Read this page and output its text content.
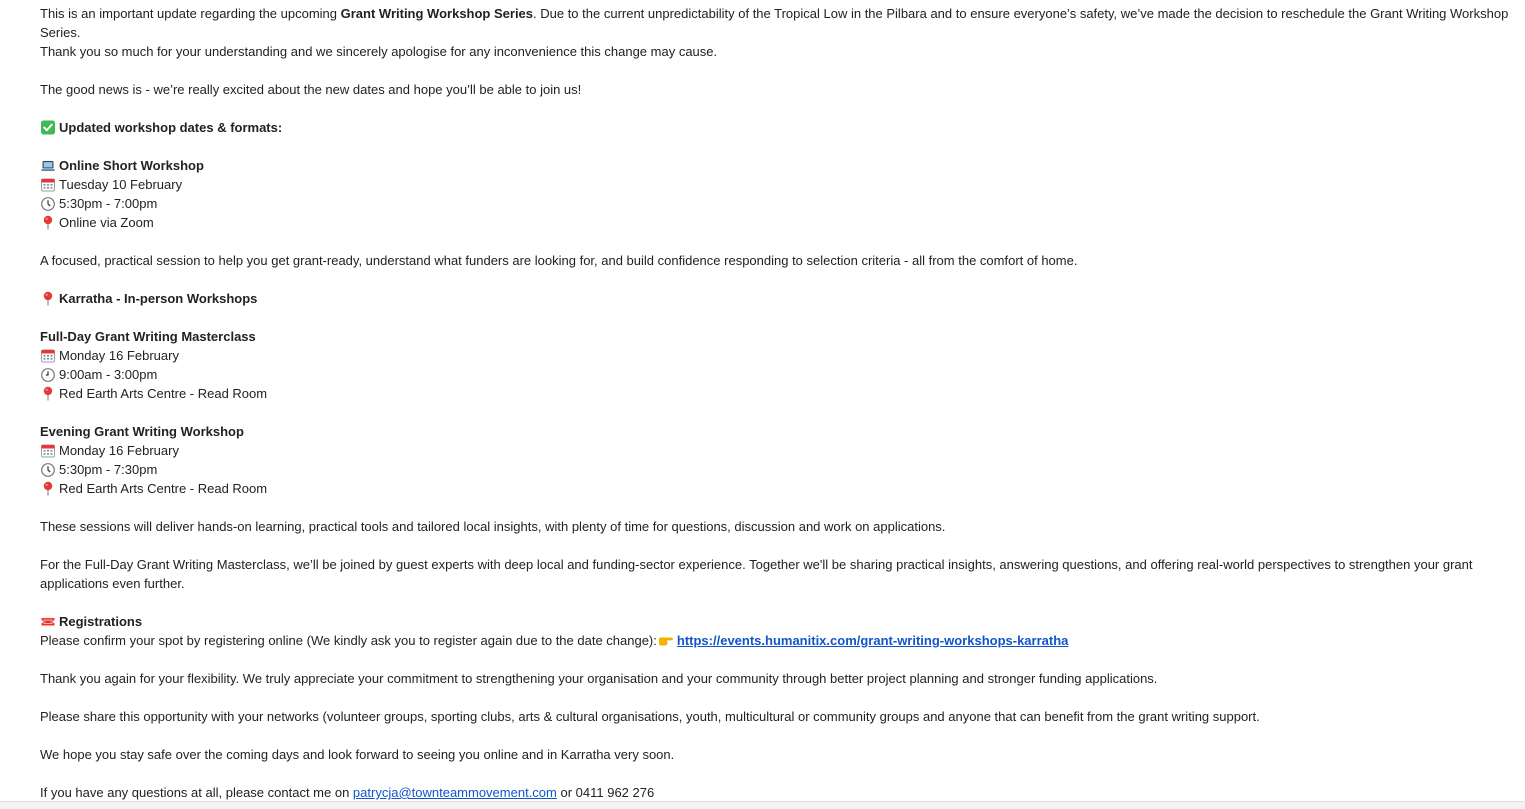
This is an important update regarding the upcoming Grant Writing Workshop Series. Due to the current unpredictability of the Tropical Low in the Pilbara and to ensure everyone’s safety, we’ve made the decision to reschedule the Grant Writing Workshop
Series.
Thank you so much for your understanding and we sincerely apologise for any inconvenience this change may cause.
The good news is - we’re really excited about the new dates and hope you’ll be able to join us!
Updated workshop dates & formats:
Online Short Workshop
Tuesday 10 February
5:30pm - 7:00pm
Online via Zoom
A focused, practical session to help you get grant-ready, understand what funders are looking for, and build confidence responding to selection criteria - all from the comfort of home.
Karratha - In-person Workshops
Full-Day Grant Writing Masterclass
Monday 16 February
9:00am - 3:00pm
Red Earth Arts Centre - Read Room
Evening Grant Writing Workshop
Monday 16 February
5:30pm - 7:30pm
Red Earth Arts Centre - Read Room
These sessions will deliver hands-on learning, practical tools and tailored local insights, with plenty of time for questions, discussion and work on applications.
For the Full-Day Grant Writing Masterclass, we’ll be joined by guest experts with deep local and funding-sector experience. Together we'll be sharing practical insights, answering questions, and offering real-world perspectives to strengthen your grant
applications even further.
Registrations
Please confirm your spot by registering online (We kindly ask you to register again due to the date change): https://events.humanitix.com/grant-writing-workshops-karratha
Thank you again for your flexibility. We truly appreciate your commitment to strengthening your organisation and your community through better project planning and stronger funding applications.
Please share this opportunity with your networks (volunteer groups, sporting clubs, arts & cultural organisations, youth, multicultural or community groups and anyone that can benefit from the grant writing support.
We hope you stay safe over the coming days and look forward to seeing you online and in Karratha very soon.
If you have any questions at all, please contact me on patrycja@townteammovement.com or 0411 962 276
